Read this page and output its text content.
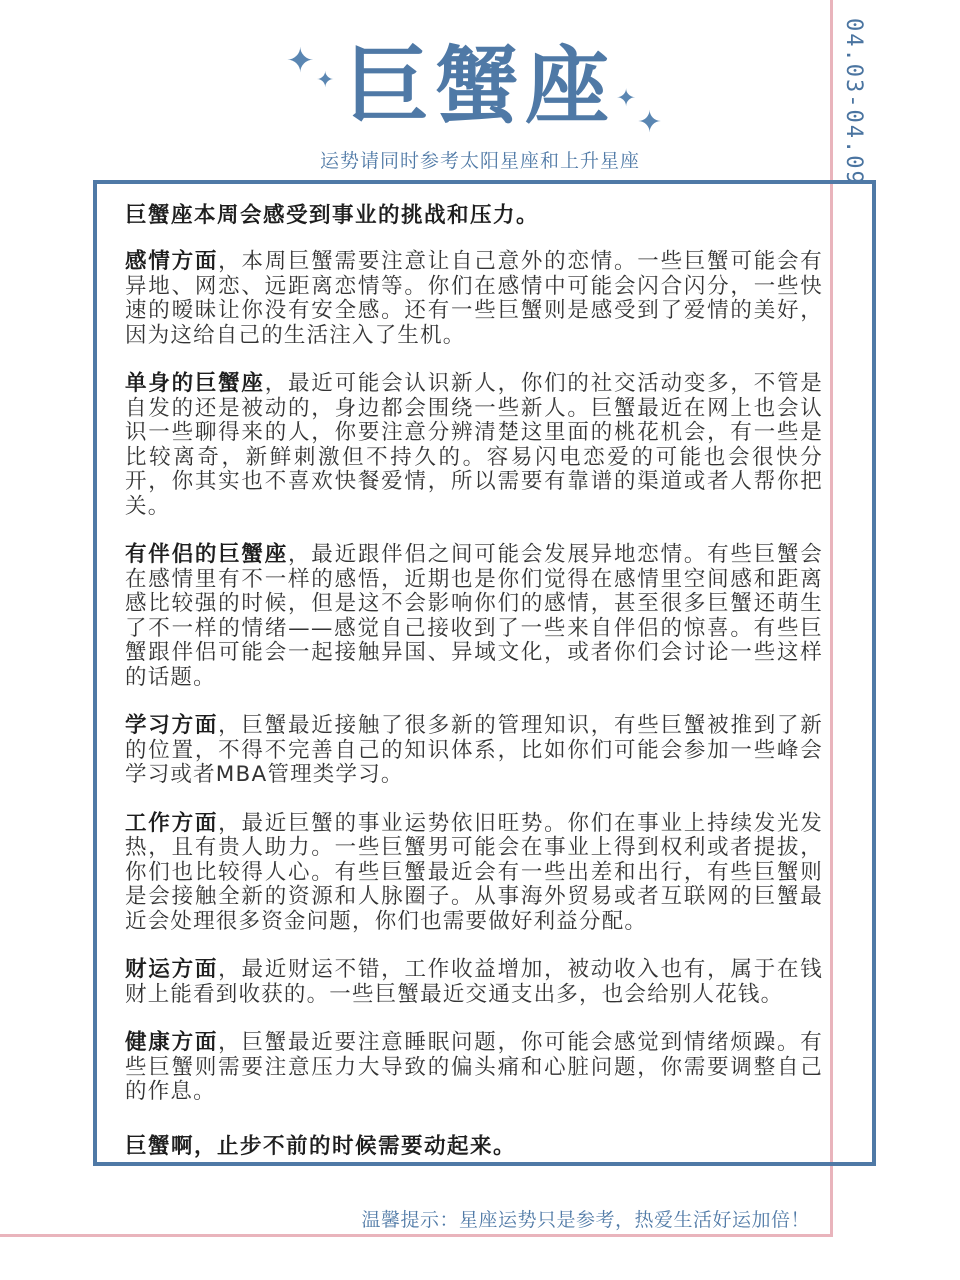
04.03-04.09
✦ ✦
✦
✦
巨蟹座
运势请同时参考太阳星座和上升星座
巨蟹座本周会感受到事业的挑战和压力。

感情方面，本周巨蟹需要注意让自己意外的恋情。一些巨蟹可能会有异地、网恋、远距离恋情等。你们在感情中可能会闪合闪分，一些快速的暧昧让你没有安全感。还有一些巨蟹则是感受到了爱情的美好，因为这给自己的生活注入了生机。

单身的巨蟹座，最近可能会认识新人，你们的社交活动变多，不管是自发的还是被动的，身边都会围绕一些新人。巨蟹最近在网上也会认识一些聊得来的人，你要注意分辨清楚这里面的桃花机会，有一些是比较离奇，新鲜刺激但不持久的。容易闪电恋爱的可能也会很快分开，你其实也不喜欢快餐爱情，所以需要有靠谱的渠道或者人帮你把关。

有伴侣的巨蟹座，最近跟伴侣之间可能会发展异地恋情。有些巨蟹会在感情里有不一样的感悟，近期也是你们觉得在感情里空间感和距离感比较强的时候，但是这不会影响你们的感情，甚至很多巨蟹还萌生了不一样的情绪——感觉自己接收到了一些来自伴侣的惊喜。有些巨蟹跟伴侣可能会一起接触异国、异域文化，或者你们会讨论一些这样的话题。

学习方面，巨蟹最近接触了很多新的管理知识，有些巨蟹被推到了新的位置，不得不完善自己的知识体系，比如你们可能会参加一些峰会学习或者MBA管理类学习。

工作方面，最近巨蟹的事业运势依旧旺势。你们在事业上持续发光发热，且有贵人助力。一些巨蟹男可能会在事业上得到权利或者提拔，你们也比较得人心。有些巨蟹最近会有一些出差和出行，有些巨蟹则是会接触全新的资源和人脉圈子。从事海外贸易或者互联网的巨蟹最近会处理很多资金问题，你们也需要做好利益分配。

财运方面，最近财运不错，工作收益增加，被动收入也有，属于在钱财上能看到收获的。一些巨蟹最近交通支出多，也会给别人花钱。

健康方面，巨蟹最近要注意睡眠问题，你可能会感觉到情绪烦躁。有些巨蟹则需要注意压力大导致的偏头痛和心脏问题，你需要调整自己的作息。

巨蟹啊，止步不前的时候需要动起来。
温馨提示：星座运势只是参考，热爱生活好运加倍！
